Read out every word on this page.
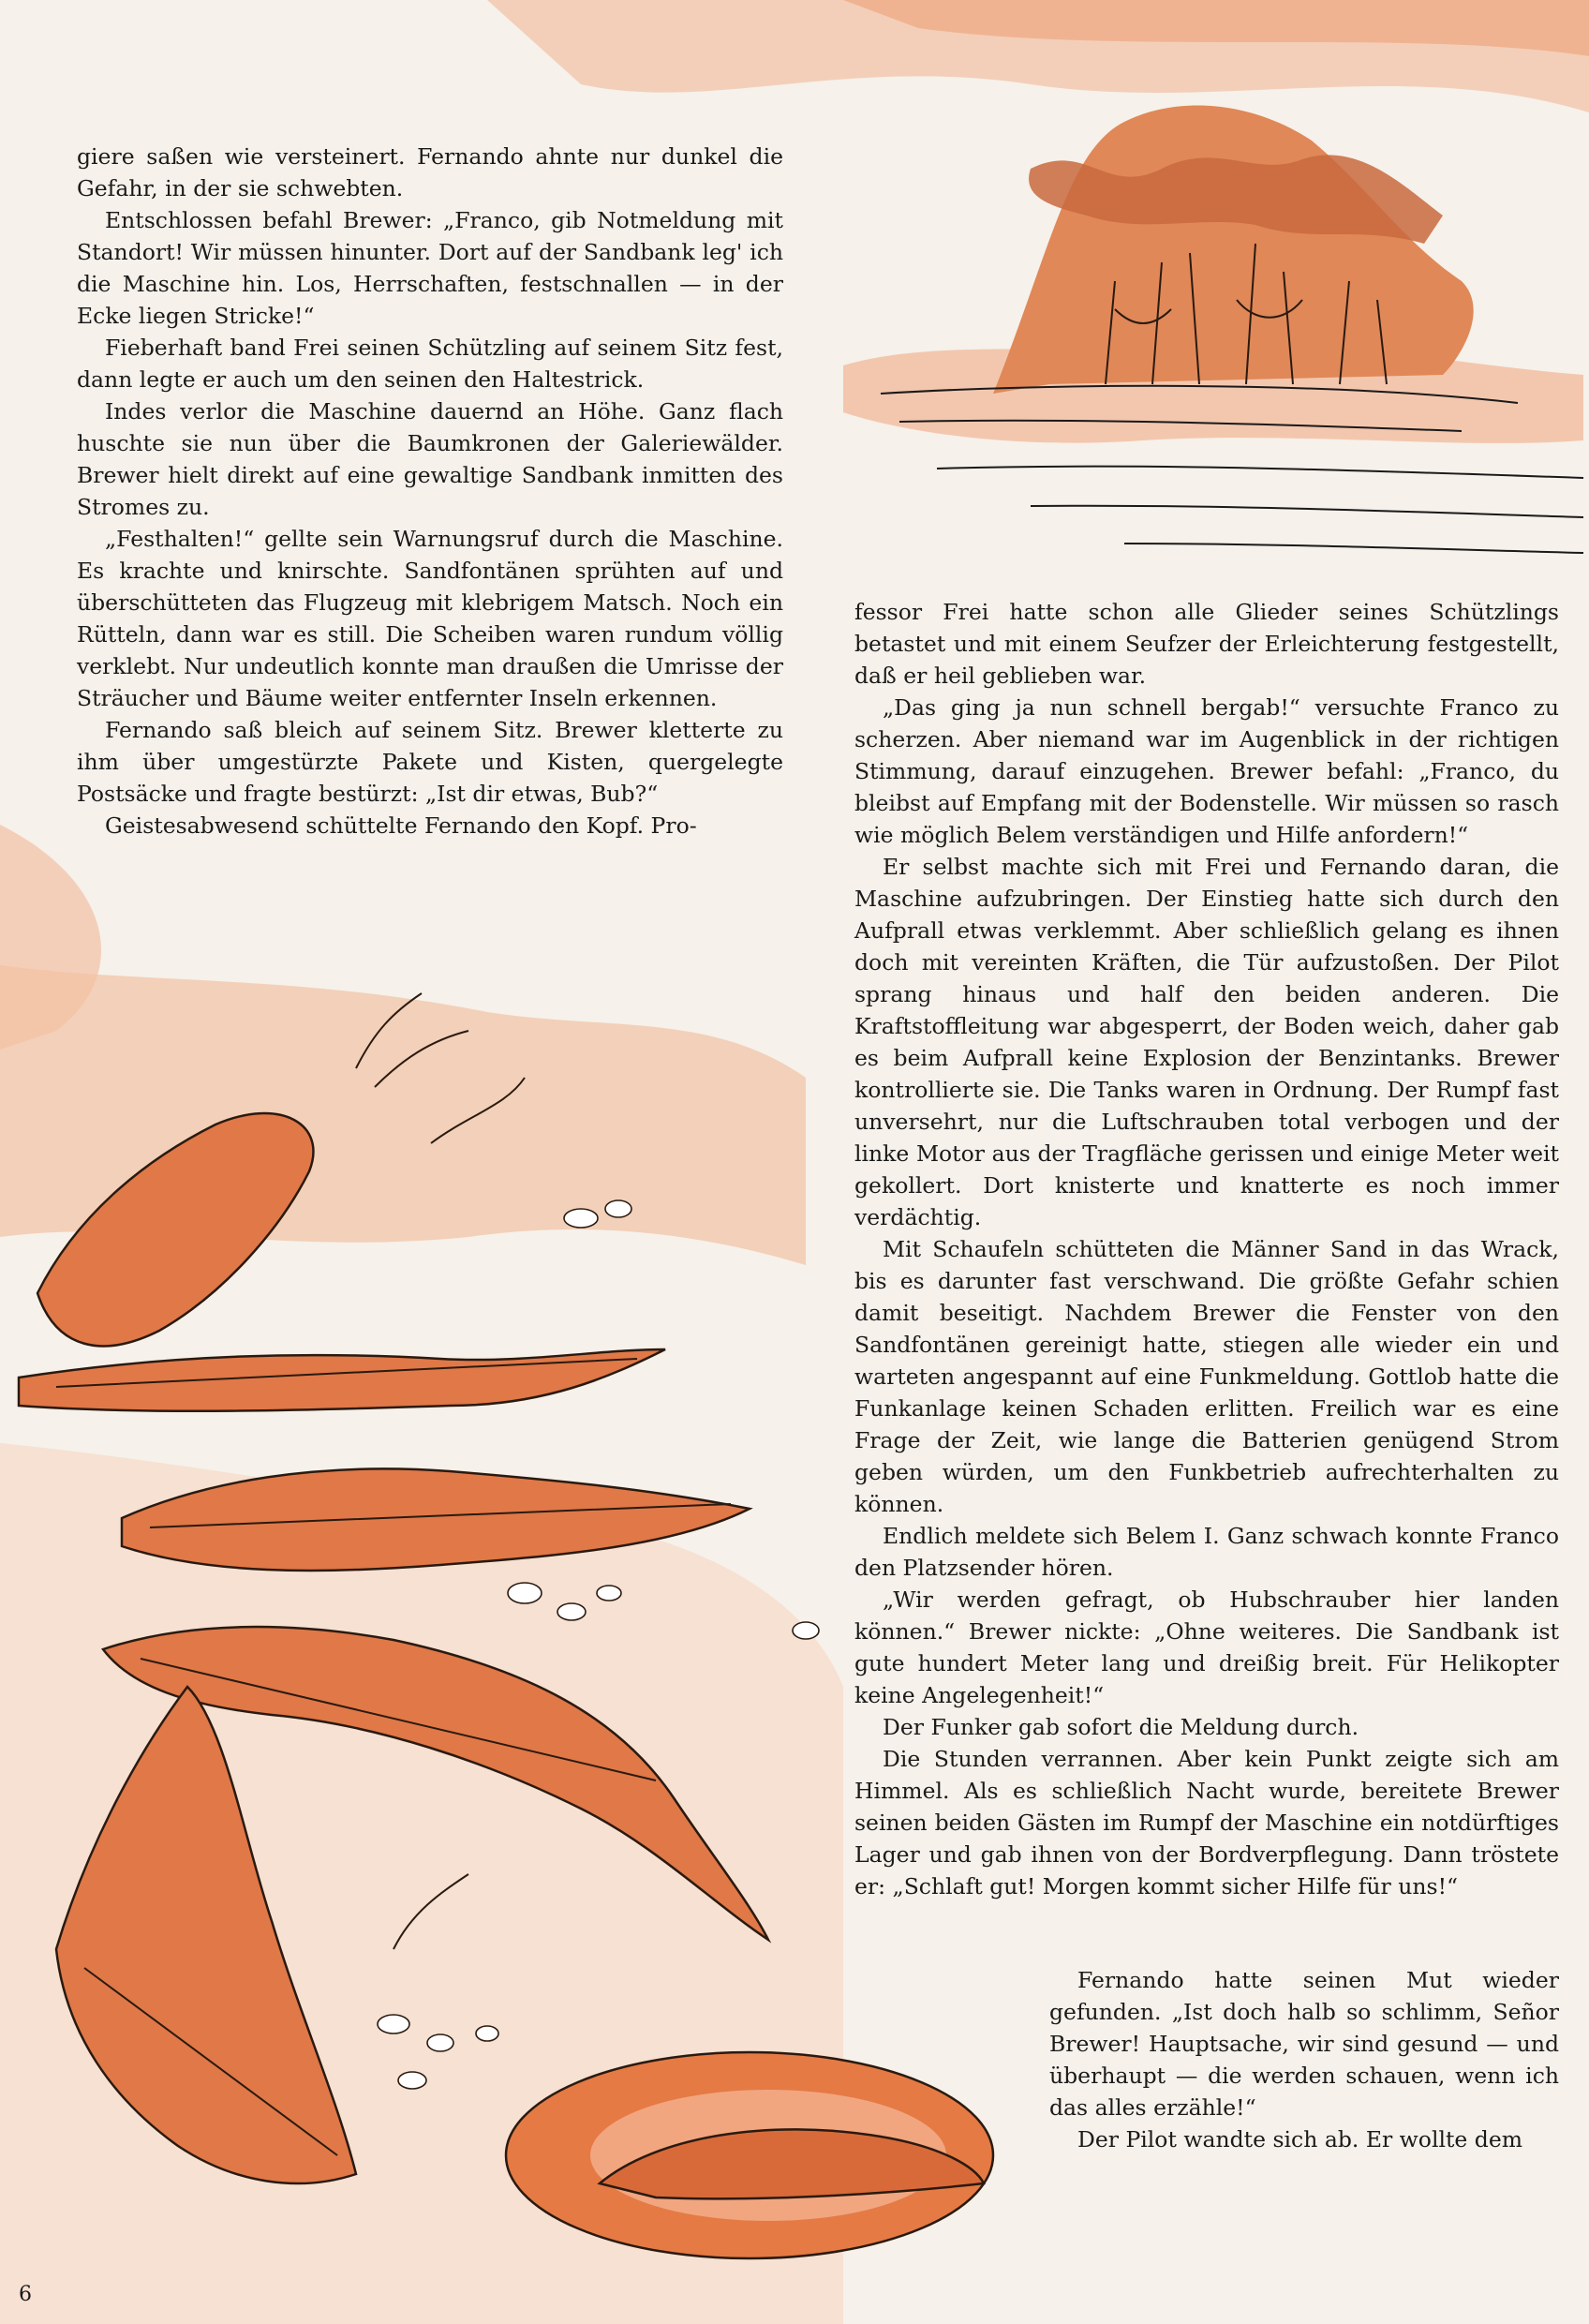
giere saßen wie versteinert. Fernando ahnte nur dunkel die Gefahr, in der sie schwebten.

Entschlossen befahl Brewer: „Franco, gib Notmeldung mit Standort! Wir müssen hinunter. Dort auf der Sandbank leg' ich die Maschine hin. Los, Herrschaften, festschnallen — in der Ecke liegen Stricke!“

Fieberhaft band Frei seinen Schützling auf seinem Sitz fest, dann legte er auch um den seinen den Haltestrick.

Indes verlor die Maschine dauernd an Höhe. Ganz flach huschte sie nun über die Baumkronen der Galeriewälder. Brewer hielt direkt auf eine gewaltige Sandbank inmitten des Stromes zu.

„Festhalten!“ gellte sein Warnungsruf durch die Maschine. Es krachte und knirschte. Sandfontänen sprühten auf und überschütteten das Flugzeug mit klebrigem Matsch. Noch ein Rütteln, dann war es still. Die Scheiben waren rundum völlig verklebt. Nur undeutlich konnte man draußen die Umrisse der Sträucher und Bäume weiter entfernter Inseln erkennen.

Fernando saß bleich auf seinem Sitz. Brewer kletterte zu ihm über umgestürzte Pakete und Kisten, quergelegte Postsäcke und fragte bestürzt: „Ist dir etwas, Bub?“

Geistesabwesend schüttelte Fernando den Kopf. Pro-

fessor Frei hatte schon alle Glieder seines Schützlings betastet und mit einem Seufzer der Erleichterung festgestellt, daß er heil geblieben war.

„Das ging ja nun schnell bergab!“ versuchte Franco zu scherzen. Aber niemand war im Augenblick in der richtigen Stimmung, darauf einzugehen. Brewer befahl: „Franco, du bleibst auf Empfang mit der Bodenstelle. Wir müssen so rasch wie möglich Belem verständigen und Hilfe anfordern!“

Er selbst machte sich mit Frei und Fernando daran, die Maschine aufzubringen. Der Einstieg hatte sich durch den Aufprall etwas verklemmt. Aber schließlich gelang es ihnen doch mit vereinten Kräften, die Tür aufzustoßen. Der Pilot sprang hinaus und half den beiden anderen. Die Kraftstoffleitung war abgesperrt, der Boden weich, daher gab es beim Aufprall keine Explosion der Benzintanks. Brewer kontrollierte sie. Die Tanks waren in Ordnung. Der Rumpf fast unversehrt, nur die Luftschrauben total verbogen und der linke Motor aus der Tragfläche gerissen und einige Meter weit gekollert. Dort knisterte und knatterte es noch immer verdächtig.

Mit Schaufeln schütteten die Männer Sand in das Wrack, bis es darunter fast verschwand. Die größte Gefahr schien damit beseitigt. Nachdem Brewer die Fenster von den Sandfontänen gereinigt hatte, stiegen alle wieder ein und warteten angespannt auf eine Funkmeldung. Gottlob hatte die Funkanlage keinen Schaden erlitten. Freilich war es eine Frage der Zeit, wie lange die Batterien genügend Strom geben würden, um den Funkbetrieb aufrechterhalten zu können.

Endlich meldete sich Belem I. Ganz schwach konnte Franco den Platzsender hören.

„Wir werden gefragt, ob Hubschrauber hier landen können.“ Brewer nickte: „Ohne weiteres. Die Sandbank ist gute hundert Meter lang und dreißig breit. Für Helikopter keine Angelegenheit!“

Der Funker gab sofort die Meldung durch.

Die Stunden verrannen. Aber kein Punkt zeigte sich am Himmel. Als es schließlich Nacht wurde, bereitete Brewer seinen beiden Gästen im Rumpf der Maschine ein notdürftiges Lager und gab ihnen von der Bordverpflegung. Dann tröstete er: „Schlaft gut! Morgen kommt sicher Hilfe für uns!“

Fernando hatte seinen Mut wieder gefunden. „Ist doch halb so schlimm, Señor Brewer! Hauptsache, wir sind gesund — und überhaupt — die werden schauen, wenn ich das alles erzähle!“

Der Pilot wandte sich ab. Er wollte dem

6
